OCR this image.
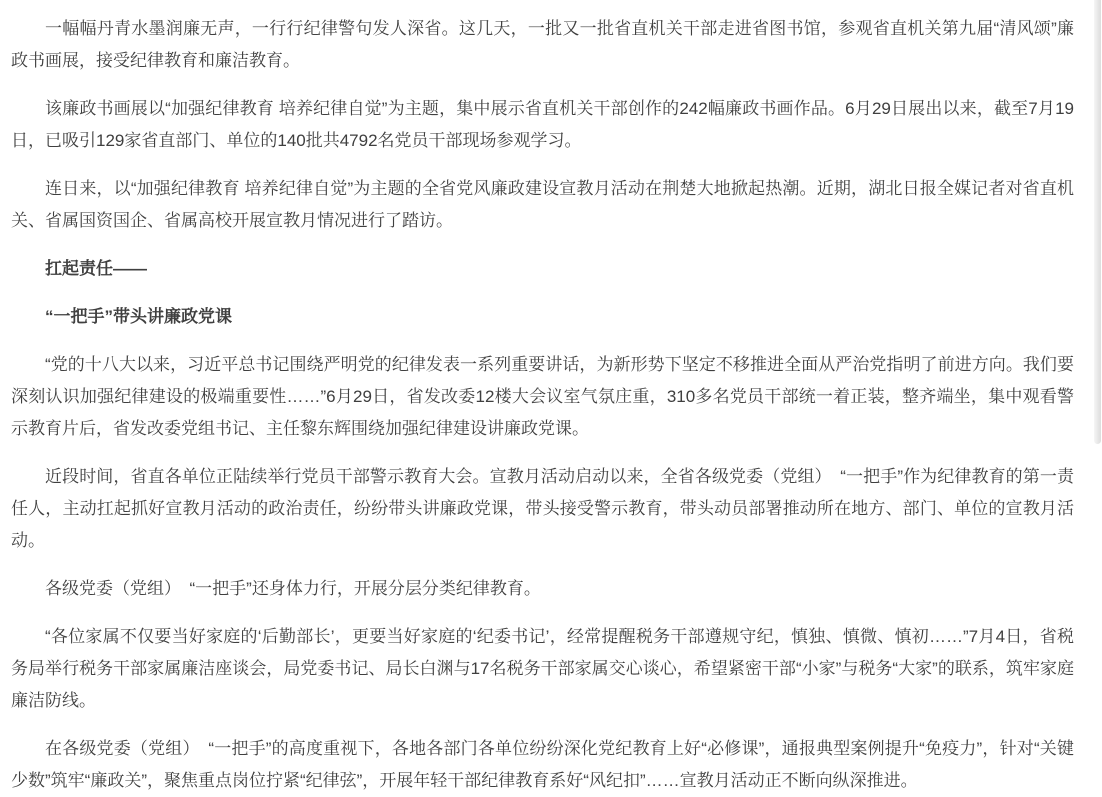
一幅幅丹青水墨润廉无声，一行行纪律警句发人深省。这几天，一批又一批省直机关干部走进省图书馆，参观省直机关第九届“清风颂”廉政书画展，接受纪律教育和廉洁教育。

该廉政书画展以“加强纪律教育 培养纪律自觉”为主题，集中展示省直机关干部创作的242幅廉政书画作品。6月29日展出以来，截至7月19日，已吸引129家省直部门、单位的140批共4792名党员干部现场参观学习。

连日来，以“加强纪律教育 培养纪律自觉”为主题的全省党风廉政建设宣教月活动在荆楚大地掀起热潮。近期，湖北日报全媒记者对省直机关、省属国资国企、省属高校开展宣教月情况进行了踏访。

扛起责任——

“一把手”带头讲廉政党课

“党的十八大以来，习近平总书记围绕严明党的纪律发表一系列重要讲话，为新形势下坚定不移推进全面从严治党指明了前进方向。我们要深刻认识加强纪律建设的极端重要性……”6月29日，省发改委12楼大会议室气氛庄重，310多名党员干部统一着正装，整齐端坐，集中观看警示教育片后，省发改委党组书记、主任黎东辉围绕加强纪律建设讲廉政党课。

近段时间，省直各单位正陆续举行党员干部警示教育大会。宣教月活动启动以来，全省各级党委（党组）　“一把手”作为纪律教育的第一责任人，主动扛起抓好宣教月活动的政治责任，纷纷带头讲廉政党课，带头接受警示教育，带头动员部署推动所在地方、部门、单位的宣教月活动。

各级党委（党组）　“一把手”还身体力行，开展分层分类纪律教育。

“各位家属不仅要当好家庭的‘后勤部长’，更要当好家庭的‘纪委书记’，经常提醒税务干部遵规守纪，慎独、慎微、慎初……”7月4日，省税务局举行税务干部家属廉洁座谈会，局党委书记、局长白渊与17名税务干部家属交心谈心，希望紧密干部“小家”与税务“大家”的联系，筑牢家庭廉洁防线。

在各级党委（党组）　“一把手”的高度重视下，各地各部门各单位纷纷深化党纪教育上好“必修课”，通报典型案例提升“免疫力”，针对“关键少数”筑牢“廉政关”，聚焦重点岗位拧紧“纪律弦”，开展年轻干部纪律教育系好“风纪扣”……宣教月活动正不断向纵深推进。
